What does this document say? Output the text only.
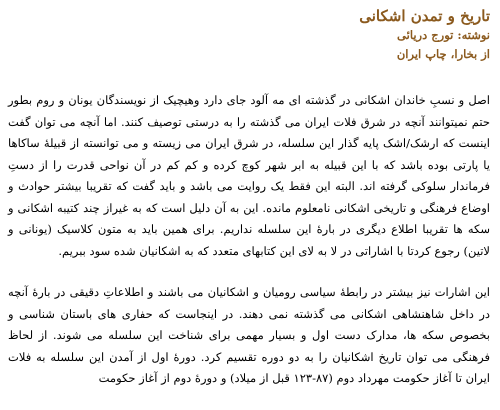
تاریخ و تمدن اشکانی
نوشته: تورج دریائی
از بخارا، چاپ ایران

اصل و نسبِ خاندان اشکانی در گذشته ای مه آلود جای دارد وهیچیک از نویسندگان یونان و روم بطور حتم نمیتوانند آنچه در شرق فلات ایران می گذشته را به درستی توصیف کنند. اما آنچه می توان گفت اینست که ارشک/اشک پایه گذار این سلسله، در شرق ایران می زیسته و می توانسته از قبیلهٔ ساکاها یا پارتی بوده باشد که با این قبیله به ابر شهر کوچ کرده و کم کم در آن نواحی قدرت را از دستِ فرماندار سلوکی گرفته اند. البته این فقط یک روایت می باشد و باید گفت که تقریبا بیشتر حوادث و اوضاع فرهنگی و تاریخی اشکانی نامعلوم مانده. این به آن دلیل است که به غیراز چند کتیبه اشکانی و سکه ها تقریبا اطلاع دیگری در بارهٔ این سلسله نداریم. برای همین باید به متون کلاسیک (یونانی و لاتین) رجوع کردتا با اشاراتی در لا به لای این کتابهای متعدد که به اشکانیان شده سود ببریم.

این اشارات نیز بیشتر در رابطهٔ سیاسی رومیان و اشکانیان می باشند و اطلاعاتِ دقیقی در بارهٔ آنچه در داخل شاهنشاهی اشکانی می گذشته نمی دهند. در اینجاست که حفاری های باستان شناسی و بخصوص سکه ها، مدارک دست اول و بسیار مهمی برای شناخت این سلسله می شوند. از لحاظ فرهنگی می توان تاریخ اشکانیان را به دو دوره تقسیم کرد. دورهٔ اول از آمدن این سلسله به فلات ایران تا آغاز حکومت مهرداد دوم (۸۷-۱۲۳ قبل از میلاد) و دورهٔ دوم از آغاز حکومت
